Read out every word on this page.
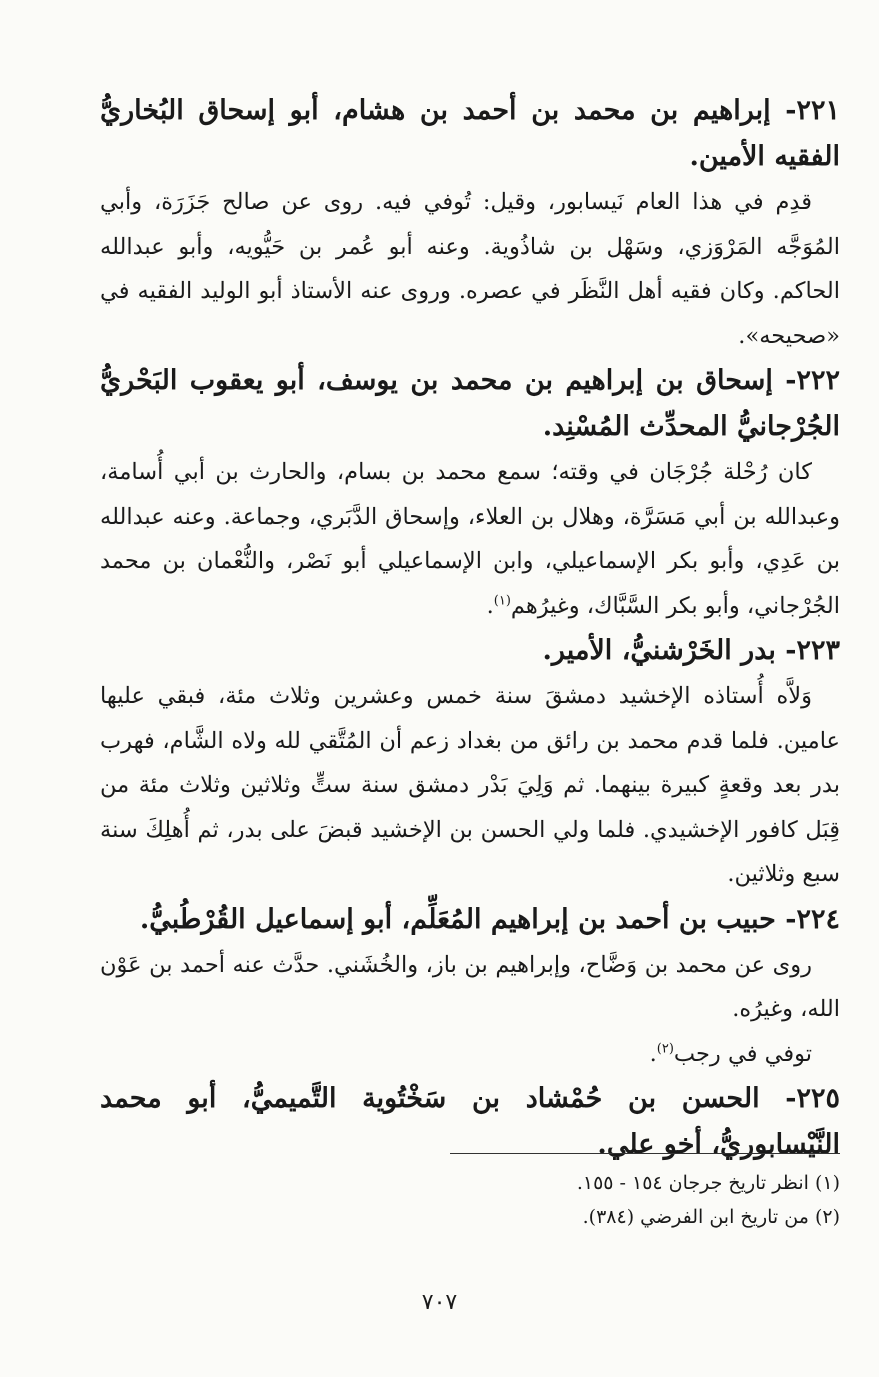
٢٢١- إبراهيم بن محمد بن أحمد بن هشام، أبو إسحاق البُخاريُّ الفقيه الأمين.

قدِم في هذا العام نَيسابور، وقيل: تُوفي فيه. روى عن صالح جَزَرَة، وأبي المُوَجَّه المَرْوَزي، وسَهْل بن شاذُوية. وعنه أبو عُمر بن حَيُّويه، وأبو عبدالله الحاكم. وكان فقيه أهل النَّظَر في عصره. وروى عنه الأستاذ أبو الوليد الفقيه في «صحيحه».

٢٢٢- إسحاق بن إبراهيم بن محمد بن يوسف، أبو يعقوب البَحْريُّ الجُرْجانيُّ المحدِّث المُسْنِد.

كان رُحْلة جُرْجَان في وقته؛ سمع محمد بن بسام، والحارث بن أبي أُسامة، وعبدالله بن أبي مَسَرَّة، وهلال بن العلاء، وإسحاق الدَّبَري، وجماعة. وعنه عبدالله بن عَدِي، وأبو بكر الإسماعيلي، وابن الإسماعيلي أبو نَصْر، والنُّعْمان بن محمد الجُرْجاني، وأبو بكر السَّبَّاك، وغيرُهم$^{(١)}$.

٢٢٣- بدر الخَرْشنيُّ، الأمير.

وَلاَّه أُستاذه الإخشيد دمشقَ سنة خمس وعشرين وثلاث مئة، فبقي عليها عامين. فلما قدم محمد بن رائق من بغداد زعم أن المُتَّقي لله ولاه الشَّام، فهرب بدر بعد وقعةٍ كبيرة بينهما. ثم وَلِيَ بَدْر دمشق سنة ستٍّ وثلاثين وثلاث مئة من قِبَل كافور الإخشيدي. فلما ولي الحسن بن الإخشيد قبضَ على بدر، ثم أُهلِكَ سنة سبع وثلاثين.

٢٢٤- حبيب بن أحمد بن إبراهيم المُعَلِّم، أبو إسماعيل القُرْطُبيُّ.

روى عن محمد بن وَضَّاح، وإبراهيم بن باز، والخُشَني. حدَّث عنه أحمد بن عَوْن الله، وغيرُه.

توفي في رجب$^{(٢)}$.

٢٢٥- الحسن بن حُمْشاد بن سَخْتُوية التَّميميُّ، أبو محمد النَّيْسابوريُّ، أخو علي.

(١) انظر تاريخ جرجان ١٥٤ - ١٥٥.

(٢) من تاريخ ابن الفرضي (٣٨٤).

٧٠٧
